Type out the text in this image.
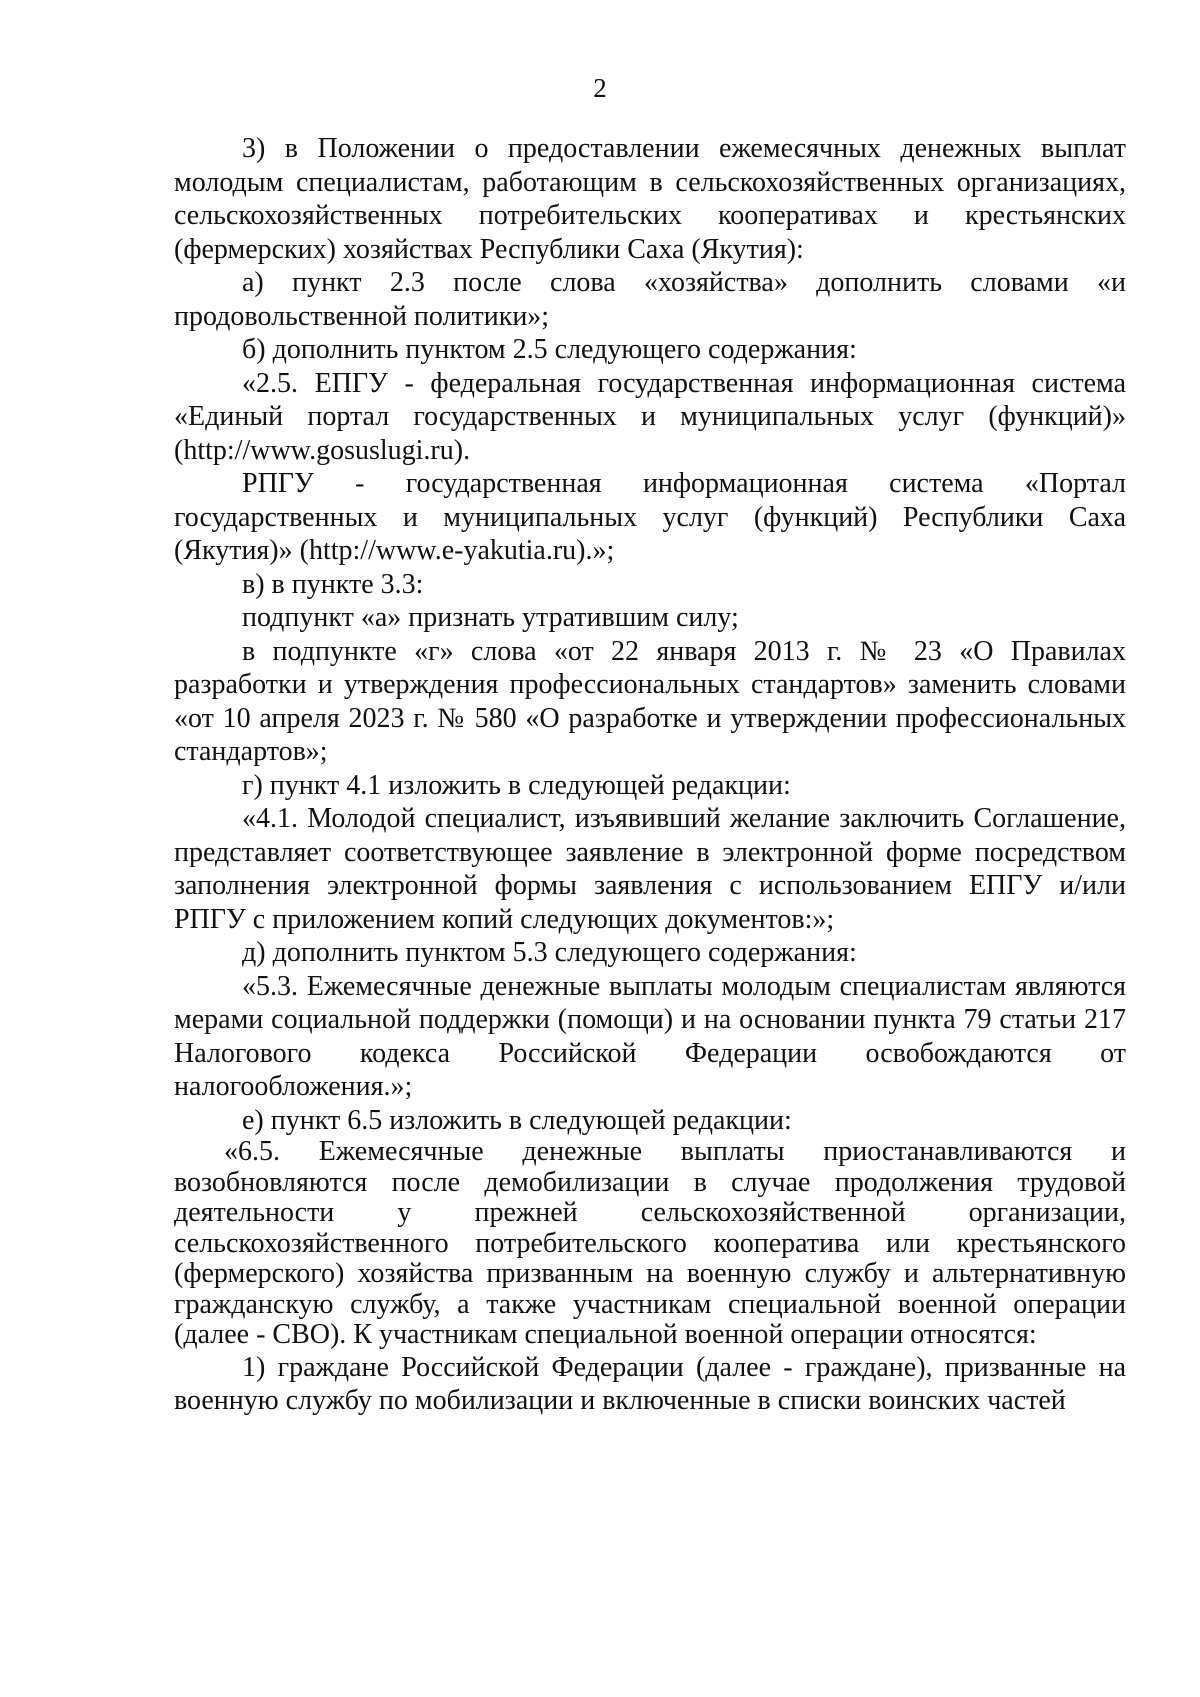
2

3) в Положении о предоставлении ежемесячных денежных выплат молодым специалистам, работающим в сельскохозяйственных организациях, сельскохозяйственных потребительских кооперативах и крестьянских (фермерских) хозяйствах Республики Саха (Якутия):

а) пункт 2.3 после слова «хозяйства» дополнить словами «и продовольственной политики»;

б) дополнить пунктом 2.5 следующего содержания:

«2.5. ЕПГУ - федеральная государственная информационная система «Единый портал государственных и муниципальных услуг (функций)» (http://www.gosuslugi.ru).

РПГУ - государственная информационная система «Портал государственных и муниципальных услуг (функций) Республики Саха (Якутия)» (http://www.e-yakutia.ru).»;

в) в пункте 3.3:

подпункт «а» признать утратившим силу;

в подпункте «г» слова «от 22 января 2013 г. № 23 «О Правилах разработки и утверждения профессиональных стандартов» заменить словами «от 10 апреля 2023 г. № 580 «О разработке и утверждении профессиональных стандартов»;

г) пункт 4.1 изложить в следующей редакции:

«4.1. Молодой специалист, изъявивший желание заключить Соглашение, представляет соответствующее заявление в электронной форме посредством заполнения электронной формы заявления с использованием ЕПГУ и/или РПГУ с приложением копий следующих документов:»;

д) дополнить пунктом 5.3 следующего содержания:

«5.3. Ежемесячные денежные выплаты молодым специалистам являются мерами социальной поддержки (помощи) и на основании пункта 79 статьи 217 Налогового кодекса Российской Федерации освобождаются от налогообложения.»;

е) пункт 6.5 изложить в следующей редакции:

«6.5. Ежемесячные денежные выплаты приостанавливаются и возобновляются после демобилизации в случае продолжения трудовой деятельности у прежней сельскохозяйственной организации, сельскохозяйственного потребительского кооператива или крестьянского (фермерского) хозяйства призванным на военную службу и альтернативную гражданскую службу, а также участникам специальной военной операции (далее - СВО). К участникам специальной военной операции относятся:

1) граждане Российской Федерации (далее - граждане), призванные на военную службу по мобилизации и включенные в списки воинских частей
